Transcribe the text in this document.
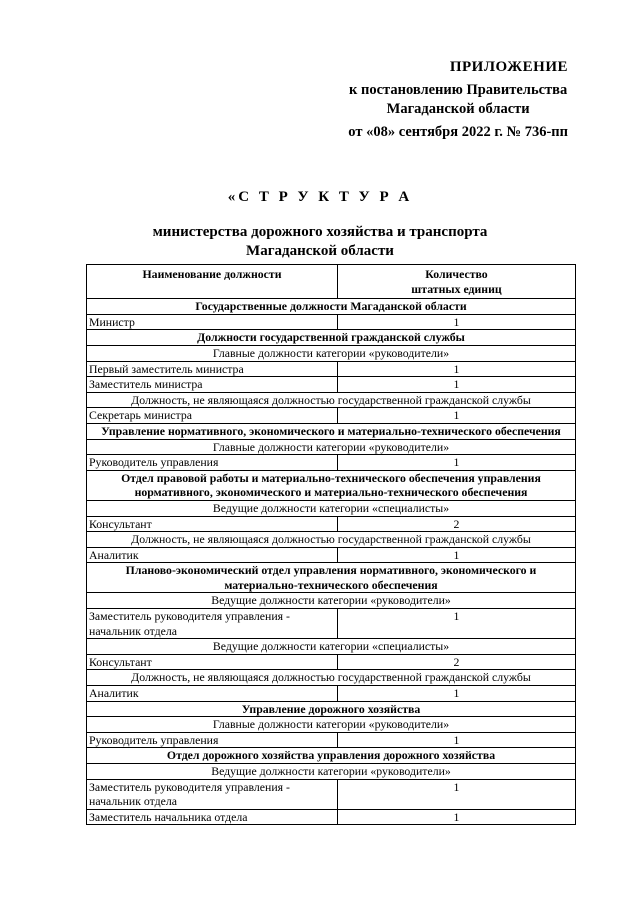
ПРИЛОЖЕНИЕ
к постановлению Правительства
Магаданской области
от «08» сентября 2022 г. № 736-пп
«С Т Р У К Т У Р А
министерства дорожного хозяйства и транспорта
Магаданской области
Наименование должности	Количество
штатных единиц

Государственные должности Магаданской области	
Министр	1
Должности государственной гражданской службы	
Главные должности категории «руководители»	
Первый заместитель министра	1
Заместитель министра	1
Должность, не являющаяся должностью государственной гражданской службы	
Секретарь министра	1
Управление нормативного, экономического и материально-технического обеспечения	
Главные должности категории «руководители»	
Руководитель управления	1
Отдел правовой работы и материально-технического обеспечения управления нормативного, экономического и материально-технического обеспечения	
Ведущие должности категории «специалисты»	
Консультант	2
Должность, не являющаяся должностью государственной гражданской службы	
Аналитик	1
Планово-экономический отдел управления нормативного, экономического и материально-технического обеспечения	
Ведущие должности категории «руководители»	
Заместитель руководителя управления - начальник отдела	1
Ведущие должности категории «специалисты»	
Консультант	2
Должность, не являющаяся должностью государственной гражданской службы	
Аналитик	1
Управление дорожного хозяйства	
Главные должности категории «руководители»	
Руководитель управления	1
Отдел дорожного хозяйства управления дорожного хозяйства	
Ведущие должности категории «руководители»	
Заместитель руководителя управления - начальник отдела	1
Заместитель начальника отдела	1
